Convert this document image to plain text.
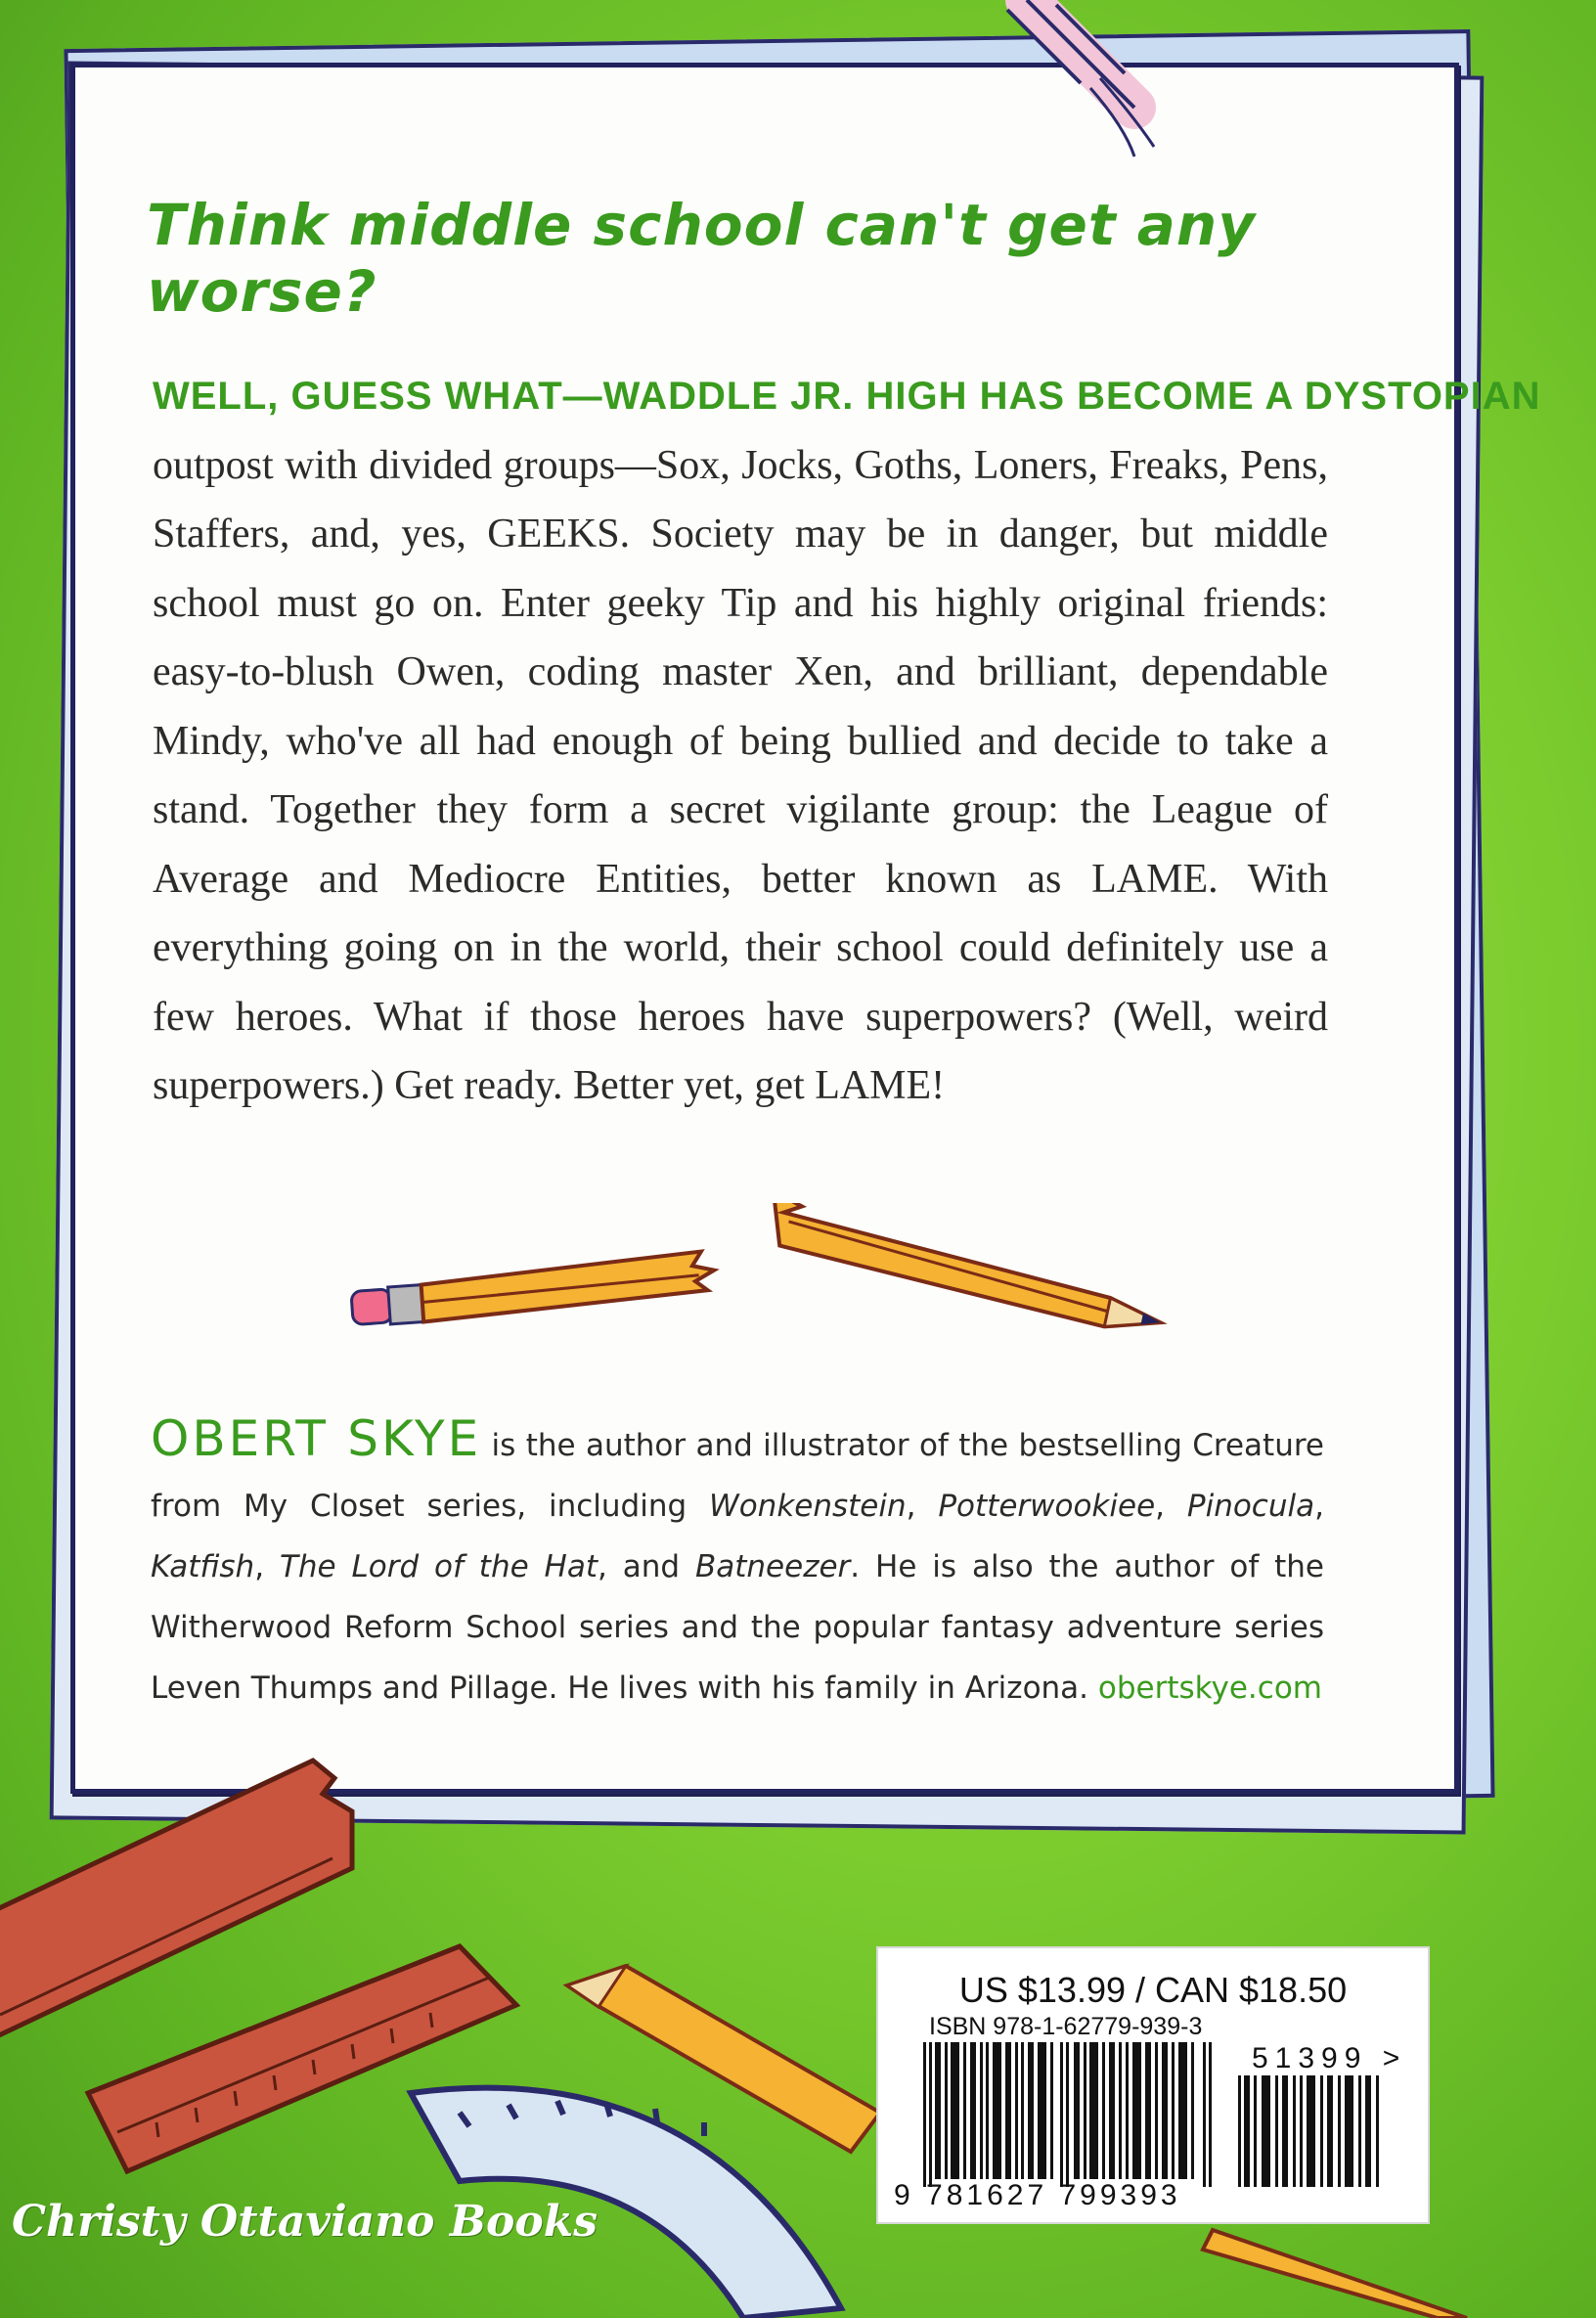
Think middle school can't get any worse?

WELL, GUESS WHAT—WADDLE JR. HIGH HAS BECOME A DYSTOPIAN
outpost with divided groups—Sox, Jocks, Goths, Loners, Freaks, Pens, Staffers, and, yes, GEEKS. Society may be in danger, but middle school must go on. Enter geeky Tip and his highly original friends: easy-to-blush Owen, coding master Xen, and brilliant, dependable Mindy, who've all had enough of being bullied and decide to take a stand. Together they form a secret vigilante group: the League of Average and Mediocre Entities, better known as LAME. With everything going on in the world, their school could definitely use a few heroes. What if those heroes have superpowers? (Well, weird superpowers.) Get ready. Better yet, get LAME!

OBERT SKYE is the author and illustrator of the bestselling Creature from My Closet series, including Wonkenstein, Potterwookiee, Pinocula, Katfish, The Lord of the Hat, and Batneezer. He is also the author of the Witherwood Reform School series and the popular fantasy adventure series Leven Thumps and Pillage. He lives with his family in Arizona. obertskye.com

Christy Ottaviano Books

US $13.99 / CAN $18.50

ISBN 978-1-62779-939-3

51399 >

9 781627 799393
